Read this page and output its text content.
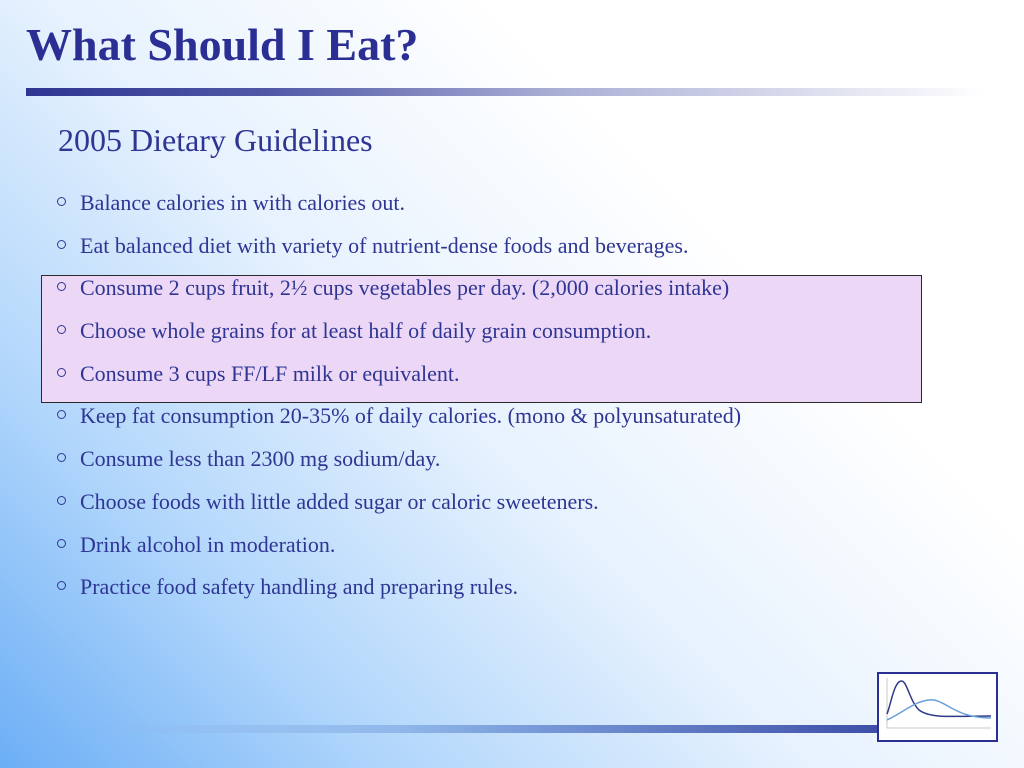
What Should I Eat?
2005 Dietary Guidelines
Balance calories in with calories out.
Eat balanced diet with variety of nutrient-dense foods and beverages.
Consume 2 cups fruit, 2½ cups vegetables per day. (2,000 calories intake)
Choose whole grains for at least half of daily grain consumption.
Consume 3 cups FF/LF milk or equivalent.
Keep fat consumption 20-35% of daily calories. (mono & polyunsaturated)
Consume less than 2300 mg sodium/day.
Choose foods with little added sugar or caloric sweeteners.
Drink alcohol in moderation.
Practice food safety handling and preparing rules.
